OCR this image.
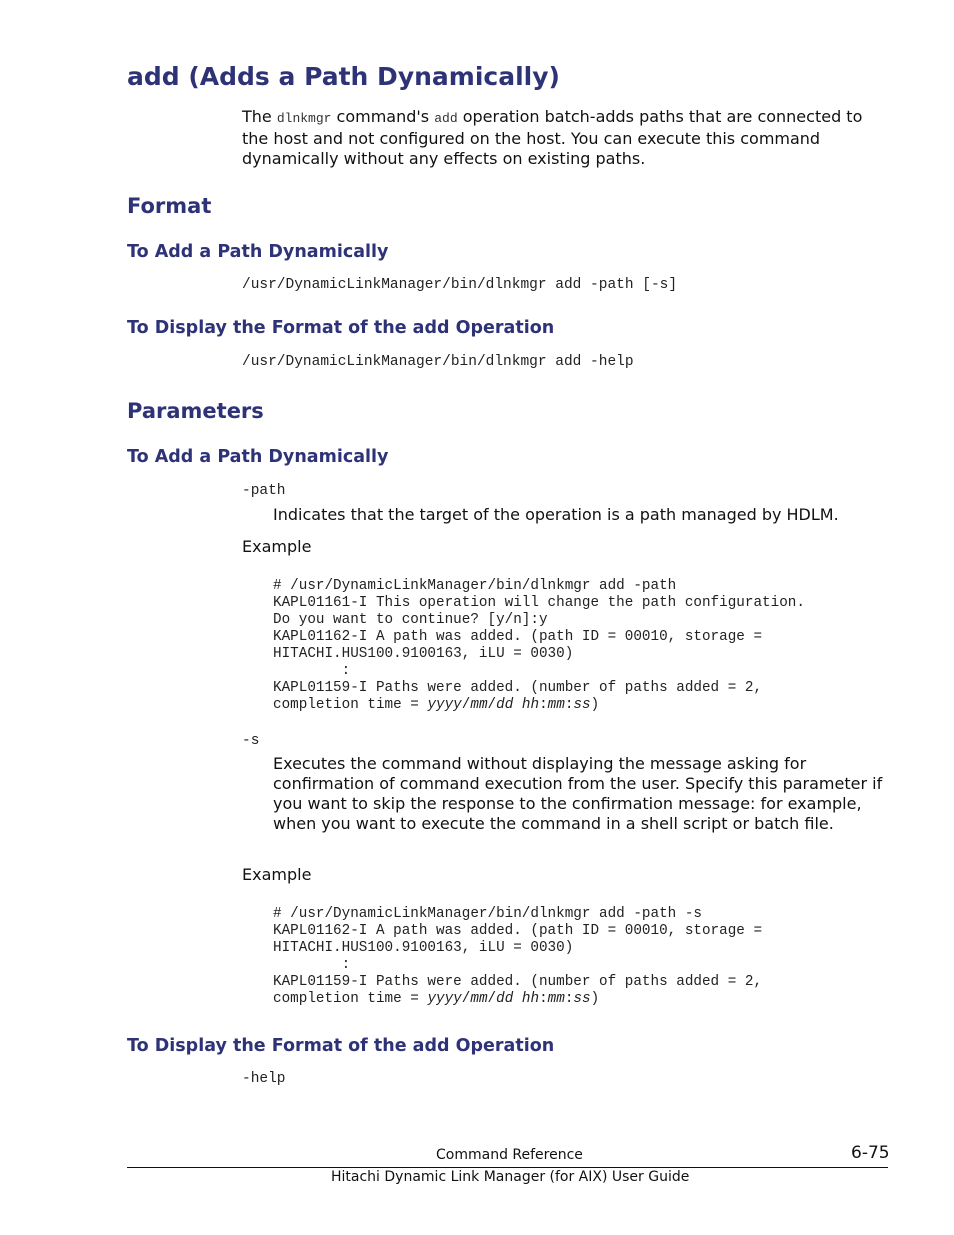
add (Adds a Path Dynamically)

The dlnkmgr command's add operation batch-adds paths that are connected to the host and not configured on the host. You can execute this command dynamically without any effects on existing paths.

Format
To Add a Path Dynamically
/usr/DynamicLinkManager/bin/dlnkmgr add -path [-s]
To Display the Format of the add Operation
/usr/DynamicLinkManager/bin/dlnkmgr add -help
Parameters
To Add a Path Dynamically
-path

Indicates that the target of the operation is a path managed by HDLM.

Example

# /usr/DynamicLinkManager/bin/dlnkmgr add -path
KAPL01161-I This operation will change the path configuration.
Do you want to continue? [y/n]:y
KAPL01162-I A path was added. (path ID = 00010, storage =
HITACHI.HUS100.9100163, iLU = 0030)
:
KAPL01159-I Paths were added. (number of paths added = 2,
completion time = yyyy/mm/dd hh:mm:ss)
-s

Executes the command without displaying the message asking for confirmation of command execution from the user. Specify this parameter if you want to skip the response to the confirmation message: for example, when you want to execute the command in a shell script or batch file.

Example

# /usr/DynamicLinkManager/bin/dlnkmgr add -path -s
KAPL01162-I A path was added. (path ID = 00010, storage =
HITACHI.HUS100.9100163, iLU = 0030)
:
KAPL01159-I Paths were added. (number of paths added = 2,
completion time = yyyy/mm/dd hh:mm:ss)
To Display the Format of the add Operation
-help
Command Reference	6-75
Hitachi Dynamic Link Manager (for AIX) User Guide
